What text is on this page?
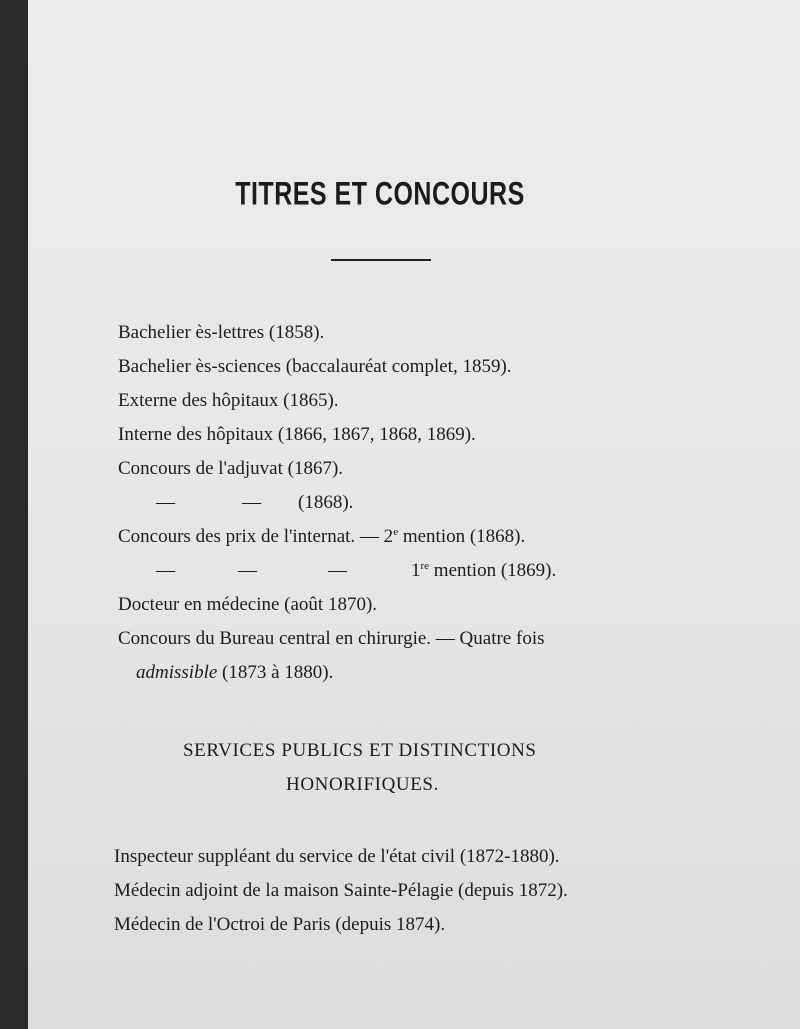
TITRES ET CONCOURS
Bachelier ès-lettres (1858).
Bachelier ès-sciences (baccalauréat complet, 1859).
Externe des hôpitaux (1865).
Interne des hôpitaux (1866, 1867, 1868, 1869).
Concours de l'adjuvat (1867).
—	— (1868).
Concours des prix de l'internat. — 2e mention (1868).
—	—	—	1re mention (1869).
Docteur en médecine (août 1870).
Concours du Bureau central en chirurgie. — Quatre fois
admissible (1873 à 1880).
SERVICES PUBLICS ET DISTINCTIONS
HONORIFIQUES.
Inspecteur suppléant du service de l'état civil (1872-1880).
Médecin adjoint de la maison Sainte-Pélagie (depuis 1872).
Médecin de l'Octroi de Paris (depuis 1874).
